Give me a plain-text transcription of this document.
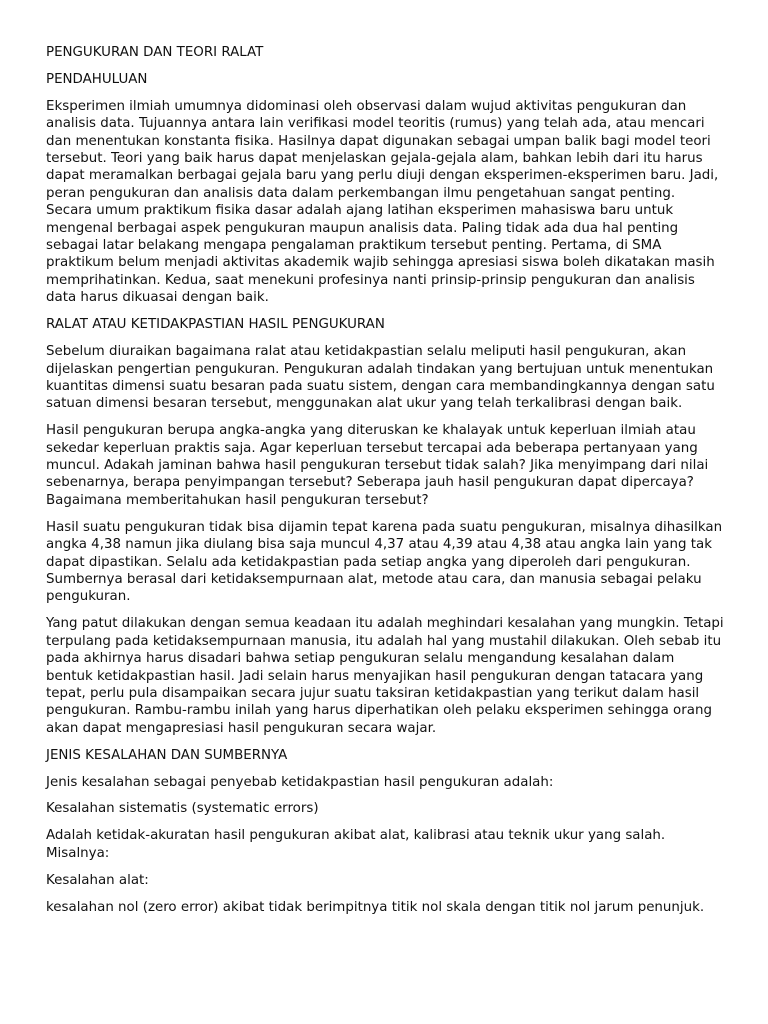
PENGUKURAN DAN TEORI RALAT

PENDAHULUAN

Eksperimen ilmiah umumnya didominasi oleh observasi dalam wujud aktivitas pengukuran dan analisis data. Tujuannya antara lain verifikasi model teoritis (rumus) yang telah ada, atau mencari dan menentukan konstanta fisika. Hasilnya dapat digunakan sebagai umpan balik bagi model teori tersebut. Teori yang baik harus dapat menjelaskan gejala-gejala alam, bahkan lebih dari itu harus dapat meramalkan berbagai gejala baru yang perlu diuji dengan eksperimen-eksperimen baru. Jadi, peran pengukuran dan analisis data dalam perkembangan ilmu pengetahuan sangat penting. Secara umum praktikum fisika dasar adalah ajang latihan eksperimen mahasiswa baru untuk mengenal berbagai aspek pengukuran maupun analisis data. Paling tidak ada dua hal penting sebagai latar belakang mengapa pengalaman praktikum tersebut penting. Pertama, di SMA praktikum belum menjadi aktivitas akademik wajib sehingga apresiasi siswa boleh dikatakan masih memprihatinkan. Kedua, saat menekuni profesinya nanti prinsip-prinsip pengukuran dan analisis data harus dikuasai dengan baik.

RALAT ATAU KETIDAKPASTIAN HASIL PENGUKURAN

Sebelum diuraikan bagaimana ralat atau ketidakpastian selalu meliputi hasil pengukuran, akan dijelaskan pengertian pengukuran. Pengukuran adalah tindakan yang bertujuan untuk menentukan kuantitas dimensi suatu besaran pada suatu sistem, dengan cara membandingkannya dengan satu satuan dimensi besaran tersebut, menggunakan alat ukur yang telah terkalibrasi dengan baik.

Hasil pengukuran berupa angka-angka yang diteruskan ke khalayak untuk keperluan ilmiah atau sekedar keperluan praktis saja. Agar keperluan tersebut tercapai ada beberapa pertanyaan yang muncul. Adakah jaminan bahwa hasil pengukuran tersebut tidak salah? Jika menyimpang dari nilai sebenarnya, berapa penyimpangan tersebut? Seberapa jauh hasil pengukuran dapat dipercaya? Bagaimana memberitahukan hasil pengukuran tersebut?

Hasil suatu pengukuran tidak bisa dijamin tepat karena pada suatu pengukuran, misalnya dihasilkan angka 4,38 namun jika diulang bisa saja muncul 4,37 atau 4,39 atau 4,38 atau angka lain yang tak dapat dipastikan. Selalu ada ketidakpastian pada setiap angka yang diperoleh dari pengukuran. Sumbernya berasal dari ketidaksempurnaan alat, metode atau cara, dan manusia sebagai pelaku pengukuran.

Yang patut dilakukan dengan semua keadaan itu adalah meghindari kesalahan yang mungkin. Tetapi terpulang pada ketidaksempurnaan manusia, itu adalah hal yang mustahil dilakukan. Oleh sebab itu pada akhirnya harus disadari bahwa setiap pengukuran selalu mengandung kesalahan dalam bentuk ketidakpastian hasil. Jadi selain harus menyajikan hasil pengukuran dengan tatacara yang tepat, perlu pula disampaikan secara jujur suatu taksiran ketidakpastian yang terikut dalam hasil pengukuran. Rambu-rambu inilah yang harus diperhatikan oleh pelaku eksperimen sehingga orang akan dapat mengapresiasi hasil pengukuran secara wajar.

JENIS KESALAHAN DAN SUMBERNYA

Jenis kesalahan sebagai penyebab ketidakpastian hasil pengukuran adalah:

Kesalahan sistematis (systematic errors)

Adalah ketidak-akuratan hasil pengukuran akibat alat, kalibrasi atau teknik ukur yang salah. Misalnya:

Kesalahan alat:

kesalahan nol (zero error) akibat tidak berimpitnya titik nol skala dengan titik nol jarum penunjuk.
